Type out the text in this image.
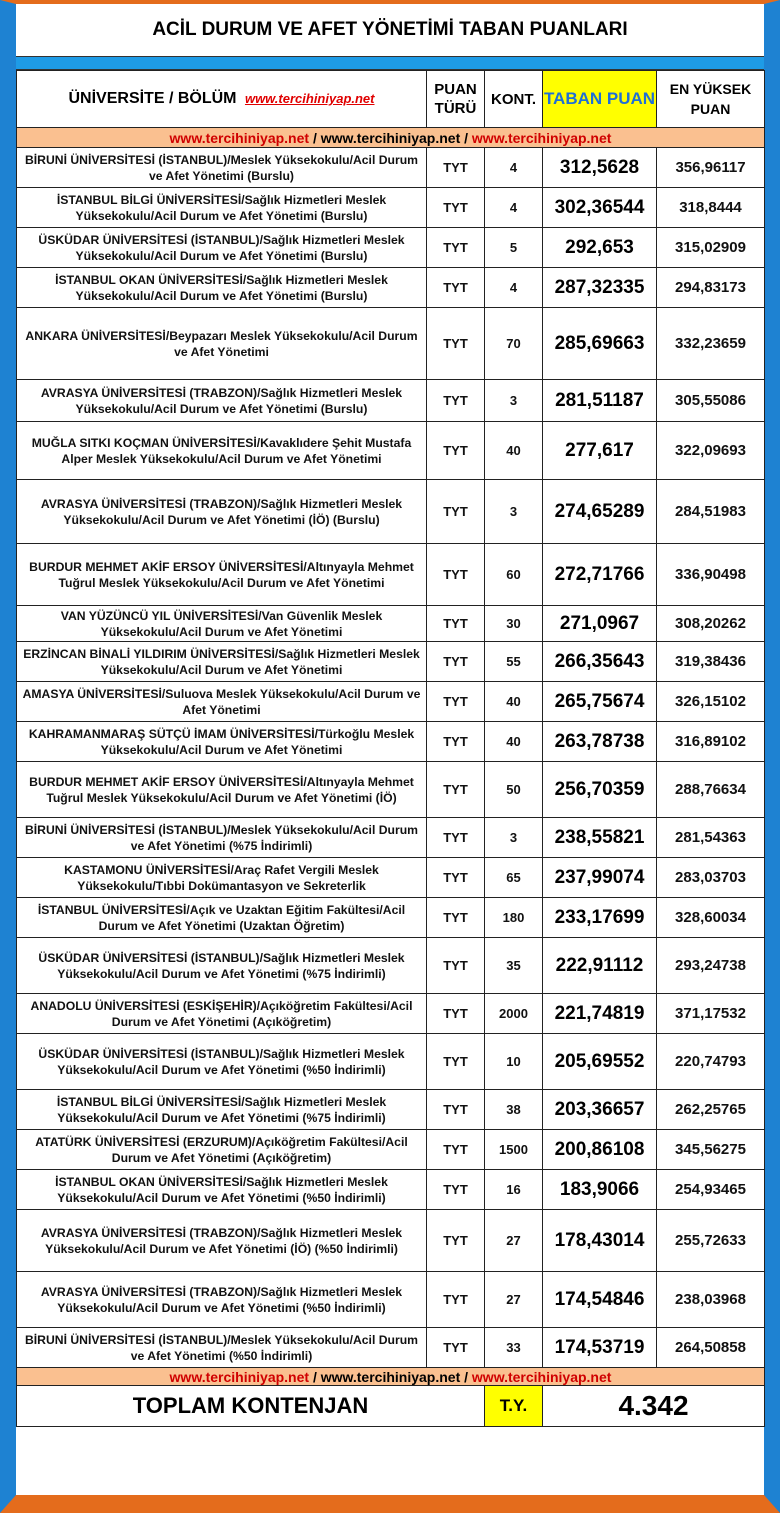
ACİL DURUM VE AFET YÖNETİMİ TABAN PUANLARI
ÜNİVERSİTE / BÖLÜM www.tercihiniyap.net	PUAN TÜRÜ	KONT.	TABAN PUAN	EN YÜKSEK PUAN
www.tercihiniyap.net / www.tercihiniyap.net / www.tercihiniyap.net				
BİRUNİ ÜNİVERSİTESİ (İSTANBUL)/Meslek Yüksekokulu/Acil Durum ve Afet Yönetimi (Burslu)	TYT	4	312,5628	356,96117
İSTANBUL BİLGİ ÜNİVERSİTESİ/Sağlık Hizmetleri Meslek Yüksekokulu/Acil Durum ve Afet Yönetimi (Burslu)	TYT	4	302,36544	318,8444
ÜSKÜDAR ÜNİVERSİTESİ (İSTANBUL)/Sağlık Hizmetleri Meslek Yüksekokulu/Acil Durum ve Afet Yönetimi (Burslu)	TYT	5	292,653	315,02909
İSTANBUL OKAN ÜNİVERSİTESİ/Sağlık Hizmetleri Meslek Yüksekokulu/Acil Durum ve Afet Yönetimi (Burslu)	TYT	4	287,32335	294,83173
ANKARA ÜNİVERSİTESİ/Beypazarı Meslek Yüksekokulu/Acil Durum ve Afet Yönetimi	TYT	70	285,69663	332,23659
AVRASYA ÜNİVERSİTESİ (TRABZON)/Sağlık Hizmetleri Meslek Yüksekokulu/Acil Durum ve Afet Yönetimi (Burslu)	TYT	3	281,51187	305,55086
MUĞLA SITKI KOÇMAN ÜNİVERSİTESİ/Kavaklıdere Şehit Mustafa Alper Meslek Yüksekokulu/Acil Durum ve Afet Yönetimi	TYT	40	277,617	322,09693
AVRASYA ÜNİVERSİTESİ (TRABZON)/Sağlık Hizmetleri Meslek Yüksekokulu/Acil Durum ve Afet Yönetimi (İÖ) (Burslu)	TYT	3	274,65289	284,51983
BURDUR MEHMET AKİF ERSOY ÜNİVERSİTESİ/Altınyayla Mehmet Tuğrul Meslek Yüksekokulu/Acil Durum ve Afet Yönetimi	TYT	60	272,71766	336,90498
VAN YÜZÜNCÜ YIL ÜNİVERSİTESİ/Van Güvenlik Meslek Yüksekokulu/Acil Durum ve Afet Yönetimi	TYT	30	271,0967	308,20262
ERZİNCAN BİNALİ YILDIRIM ÜNİVERSİTESİ/Sağlık Hizmetleri Meslek Yüksekokulu/Acil Durum ve Afet Yönetimi	TYT	55	266,35643	319,38436
AMASYA ÜNİVERSİTESİ/Suluova Meslek Yüksekokulu/Acil Durum ve Afet Yönetimi	TYT	40	265,75674	326,15102
KAHRAMANMARAŞ SÜTÇÜ İMAM ÜNİVERSİTESİ/Türkoğlu Meslek Yüksekokulu/Acil Durum ve Afet Yönetimi	TYT	40	263,78738	316,89102
BURDUR MEHMET AKİF ERSOY ÜNİVERSİTESİ/Altınyayla Mehmet Tuğrul Meslek Yüksekokulu/Acil Durum ve Afet Yönetimi (İÖ)	TYT	50	256,70359	288,76634
BİRUNİ ÜNİVERSİTESİ (İSTANBUL)/Meslek Yüksekokulu/Acil Durum ve Afet Yönetimi (%75 İndirimli)	TYT	3	238,55821	281,54363
KASTAMONU ÜNİVERSİTESİ/Araç Rafet Vergili Meslek Yüksekokulu/Tıbbi Dokümantasyon ve Sekreterlik	TYT	65	237,99074	283,03703
İSTANBUL ÜNİVERSİTESİ/Açık ve Uzaktan Eğitim Fakültesi/Acil Durum ve Afet Yönetimi (Uzaktan Öğretim)	TYT	180	233,17699	328,60034
ÜSKÜDAR ÜNİVERSİTESİ (İSTANBUL)/Sağlık Hizmetleri Meslek Yüksekokulu/Acil Durum ve Afet Yönetimi (%75 İndirimli)	TYT	35	222,91112	293,24738
ANADOLU ÜNİVERSİTESİ (ESKİŞEHİR)/Açıköğretim Fakültesi/Acil Durum ve Afet Yönetimi (Açıköğretim)	TYT	2000	221,74819	371,17532
ÜSKÜDAR ÜNİVERSİTESİ (İSTANBUL)/Sağlık Hizmetleri Meslek Yüksekokulu/Acil Durum ve Afet Yönetimi (%50 İndirimli)	TYT	10	205,69552	220,74793
İSTANBUL BİLGİ ÜNİVERSİTESİ/Sağlık Hizmetleri Meslek Yüksekokulu/Acil Durum ve Afet Yönetimi (%75 İndirimli)	TYT	38	203,36657	262,25765
ATATÜRK ÜNİVERSİTESİ (ERZURUM)/Açıköğretim Fakültesi/Acil Durum ve Afet Yönetimi (Açıköğretim)	TYT	1500	200,86108	345,56275
İSTANBUL OKAN ÜNİVERSİTESİ/Sağlık Hizmetleri Meslek Yüksekokulu/Acil Durum ve Afet Yönetimi (%50 İndirimli)	TYT	16	183,9066	254,93465
AVRASYA ÜNİVERSİTESİ (TRABZON)/Sağlık Hizmetleri Meslek Yüksekokulu/Acil Durum ve Afet Yönetimi (İÖ) (%50 İndirimli)	TYT	27	178,43014	255,72633
AVRASYA ÜNİVERSİTESİ (TRABZON)/Sağlık Hizmetleri Meslek Yüksekokulu/Acil Durum ve Afet Yönetimi (%50 İndirimli)	TYT	27	174,54846	238,03968
BİRUNİ ÜNİVERSİTESİ (İSTANBUL)/Meslek Yüksekokulu/Acil Durum ve Afet Yönetimi (%50 İndirimli)	TYT	33	174,53719	264,50858
www.tercihiniyap.net / www.tercihiniyap.net / www.tercihiniyap.net				
TOPLAM KONTENJAN		T.Y.	4.342	
